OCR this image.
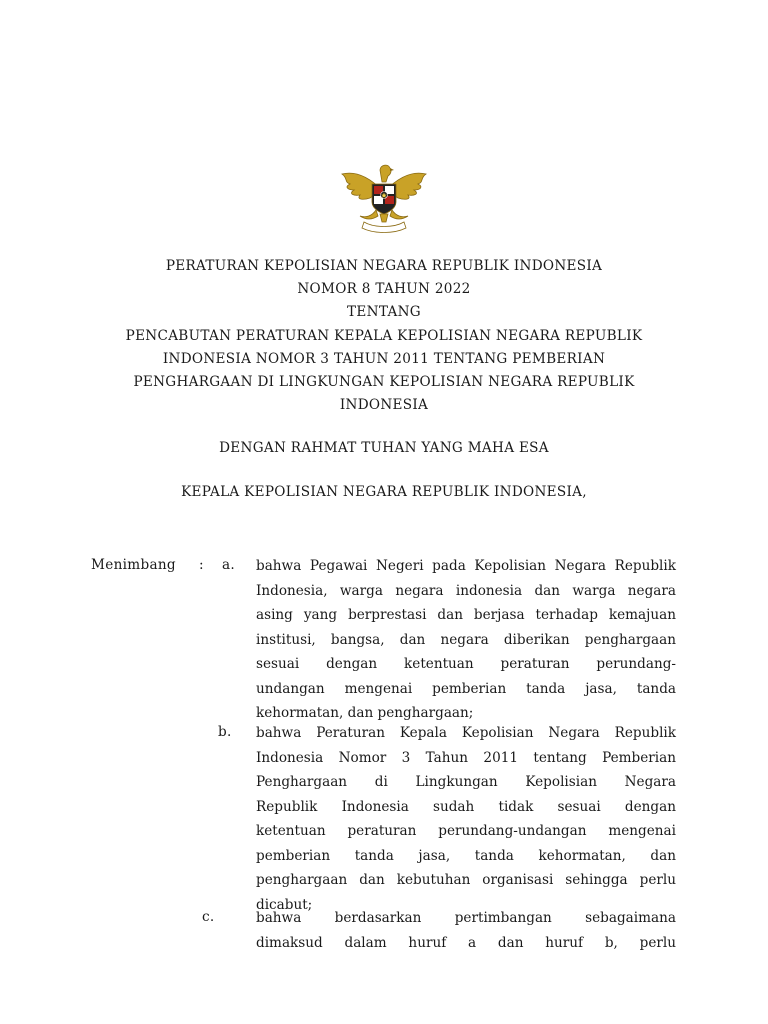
PERATURAN KEPOLISIAN NEGARA REPUBLIK INDONESIA
NOMOR 8 TAHUN 2022
TENTANG
PENCABUTAN PERATURAN KEPALA KEPOLISIAN NEGARA REPUBLIK
INDONESIA NOMOR 3 TAHUN 2011 TENTANG PEMBERIAN
PENGHARGAAN DI LINGKUNGAN KEPOLISIAN NEGARA REPUBLIK
INDONESIA
DENGAN RAHMAT TUHAN YANG MAHA ESA
KEPALA KEPOLISIAN NEGARA REPUBLIK INDONESIA,
Menimbang : a. bahwa Pegawai Negeri pada Kepolisian Negara Republik
Indonesia, warga negara indonesia dan warga negara
asing yang berprestasi dan berjasa terhadap kemajuan
institusi, bangsa, dan negara diberikan penghargaan
sesuai dengan ketentuan peraturan perundang-
undangan mengenai pemberian tanda jasa, tanda
kehormatan, dan penghargaan;
b. bahwa Peraturan Kepala Kepolisian Negara Republik
Indonesia Nomor 3 Tahun 2011 tentang Pemberian
Penghargaan di Lingkungan Kepolisian Negara
Republik Indonesia sudah tidak sesuai dengan
ketentuan peraturan perundang-undangan mengenai
pemberian tanda jasa, tanda kehormatan, dan
penghargaan dan kebutuhan organisasi sehingga perlu
dicabut;
c.	bahwa berdasarkan pertimbangan sebagaimana
dimaksud dalam huruf a dan huruf b, perlu
